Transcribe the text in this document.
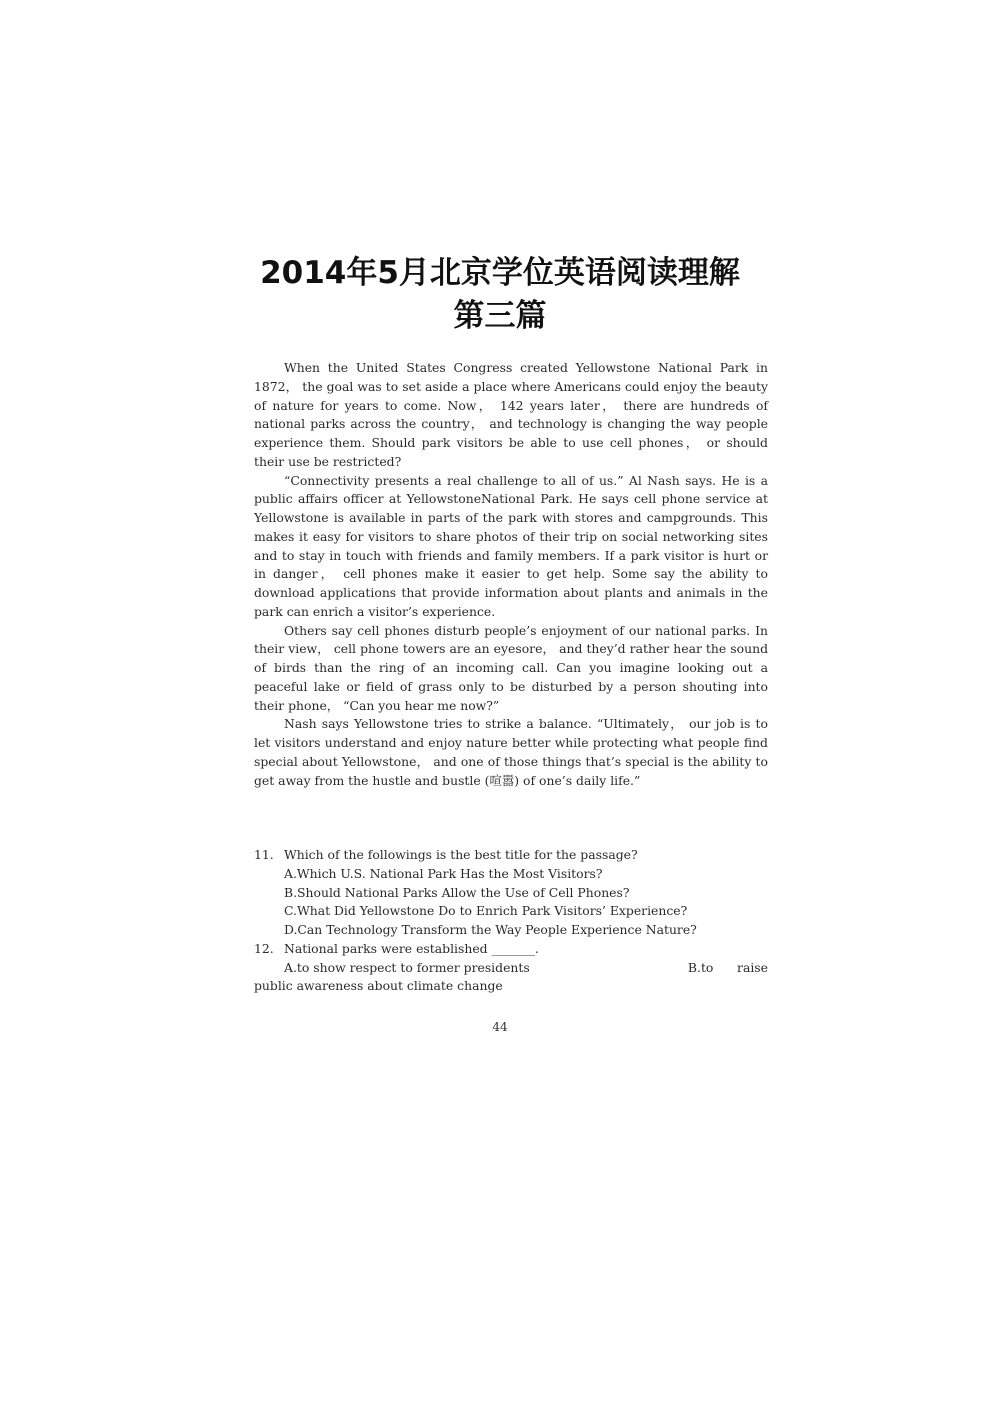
2014年5月北京学位英语阅读理解
第三篇

When the United States Congress created Yellowstone National Park in 1872， the goal was to set aside a place where Americans could enjoy the beauty of nature for years to come. Now， 142 years later， there are hundreds of national parks across the country， and technology is changing the way people experience them. Should park visitors be able to use cell phones， or should their use be restricted?

“Connectivity presents a real challenge to all of us.” Al Nash says. He is a public affairs officer at YellowstoneNational Park. He says cell phone service at Yellowstone is available in parts of the park with stores and campgrounds. This makes it easy for visitors to share photos of their trip on social networking sites and to stay in touch with friends and family members. If a park visitor is hurt or in danger， cell phones make it easier to get help. Some say the ability to download applications that provide information about plants and animals in the park can enrich a visitor’s experience.

Others say cell phones disturb people’s enjoyment of our national parks. In their view， cell phone towers are an eyesore， and they’d rather hear the sound of birds than the ring of an incoming call. Can you imagine looking out a peaceful lake or field of grass only to be disturbed by a person shouting into their phone， “Can you hear me now?”

Nash says Yellowstone tries to strike a balance. “Ultimately， our job is to let visitors understand and enjoy nature better while protecting what people find special about Yellowstone， and one of those things that’s special is the ability to get away from the hustle and bustle (喧嚣) of one’s daily life.”

11. Which of the followings is the best title for the passage?

A.Which U.S. National Park Has the Most Visitors?

B.Should National Parks Allow the Use of Cell Phones?

C.What Did Yellowstone Do to Enrich Park Visitors’ Experience?

D.Can Technology Transform the Way People Experience Nature?

12. National parks were established _______.

A.to show respect to former presidents	B.to      raise

public awareness about climate change

44
